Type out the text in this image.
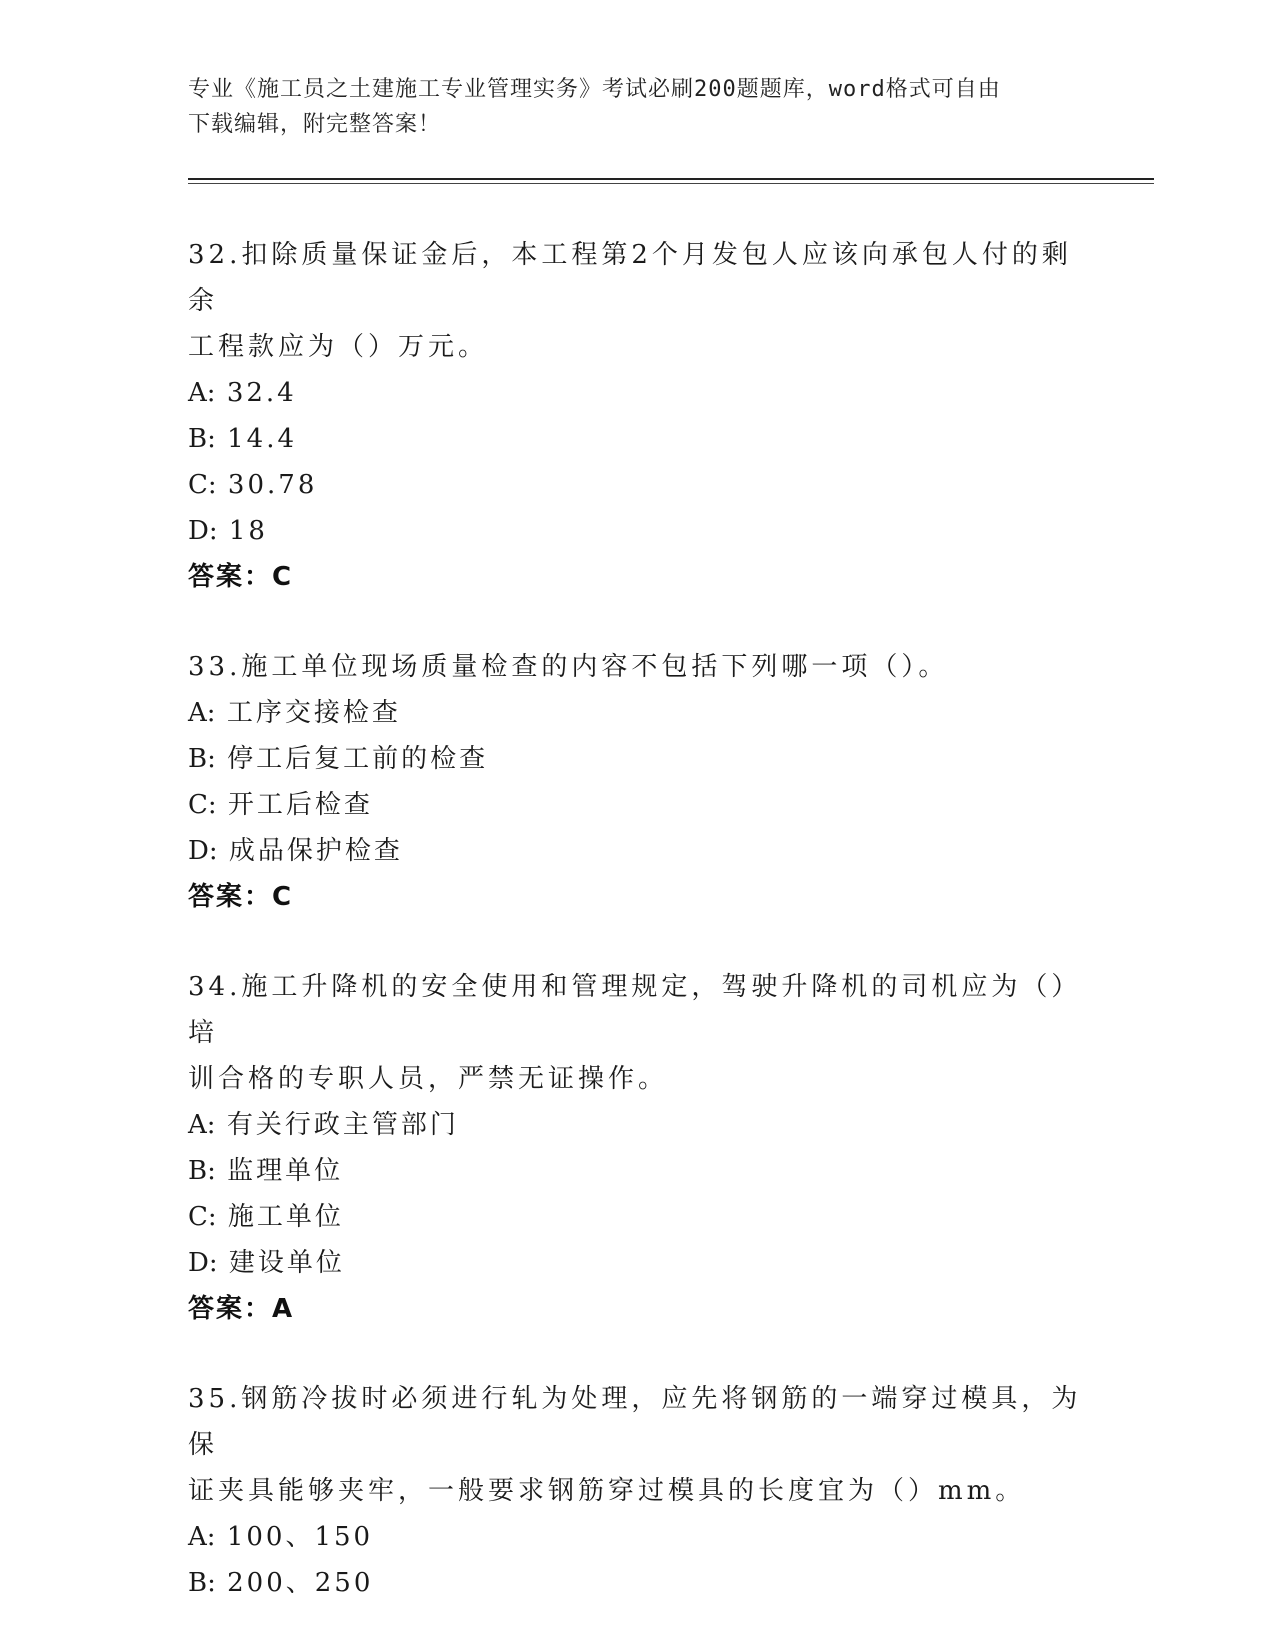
专业《施工员之土建施工专业管理实务》考试必刷200题题库，word格式可自由
下载编辑，附完整答案！
32.扣除质量保证金后，本工程第2个月发包人应该向承包人付的剩余
工程款应为（）万元。
A: 32.4
B: 14.4
C: 30.78
D: 18
答案：C
33.施工单位现场质量检查的内容不包括下列哪一项（）。
A: 工序交接检查
B: 停工后复工前的检查
C: 开工后检查
D: 成品保护检查
答案：C
34.施工升降机的安全使用和管理规定，驾驶升降机的司机应为（）培
训合格的专职人员，严禁无证操作。
A: 有关行政主管部门
B: 监理单位
C: 施工单位
D: 建设单位
答案：A
35.钢筋冷拔时必须进行轧为处理，应先将钢筋的一端穿过模具，为保
证夹具能够夹牢，一般要求钢筋穿过模具的长度宜为（）mm。
A: 100、150
B: 200、250
